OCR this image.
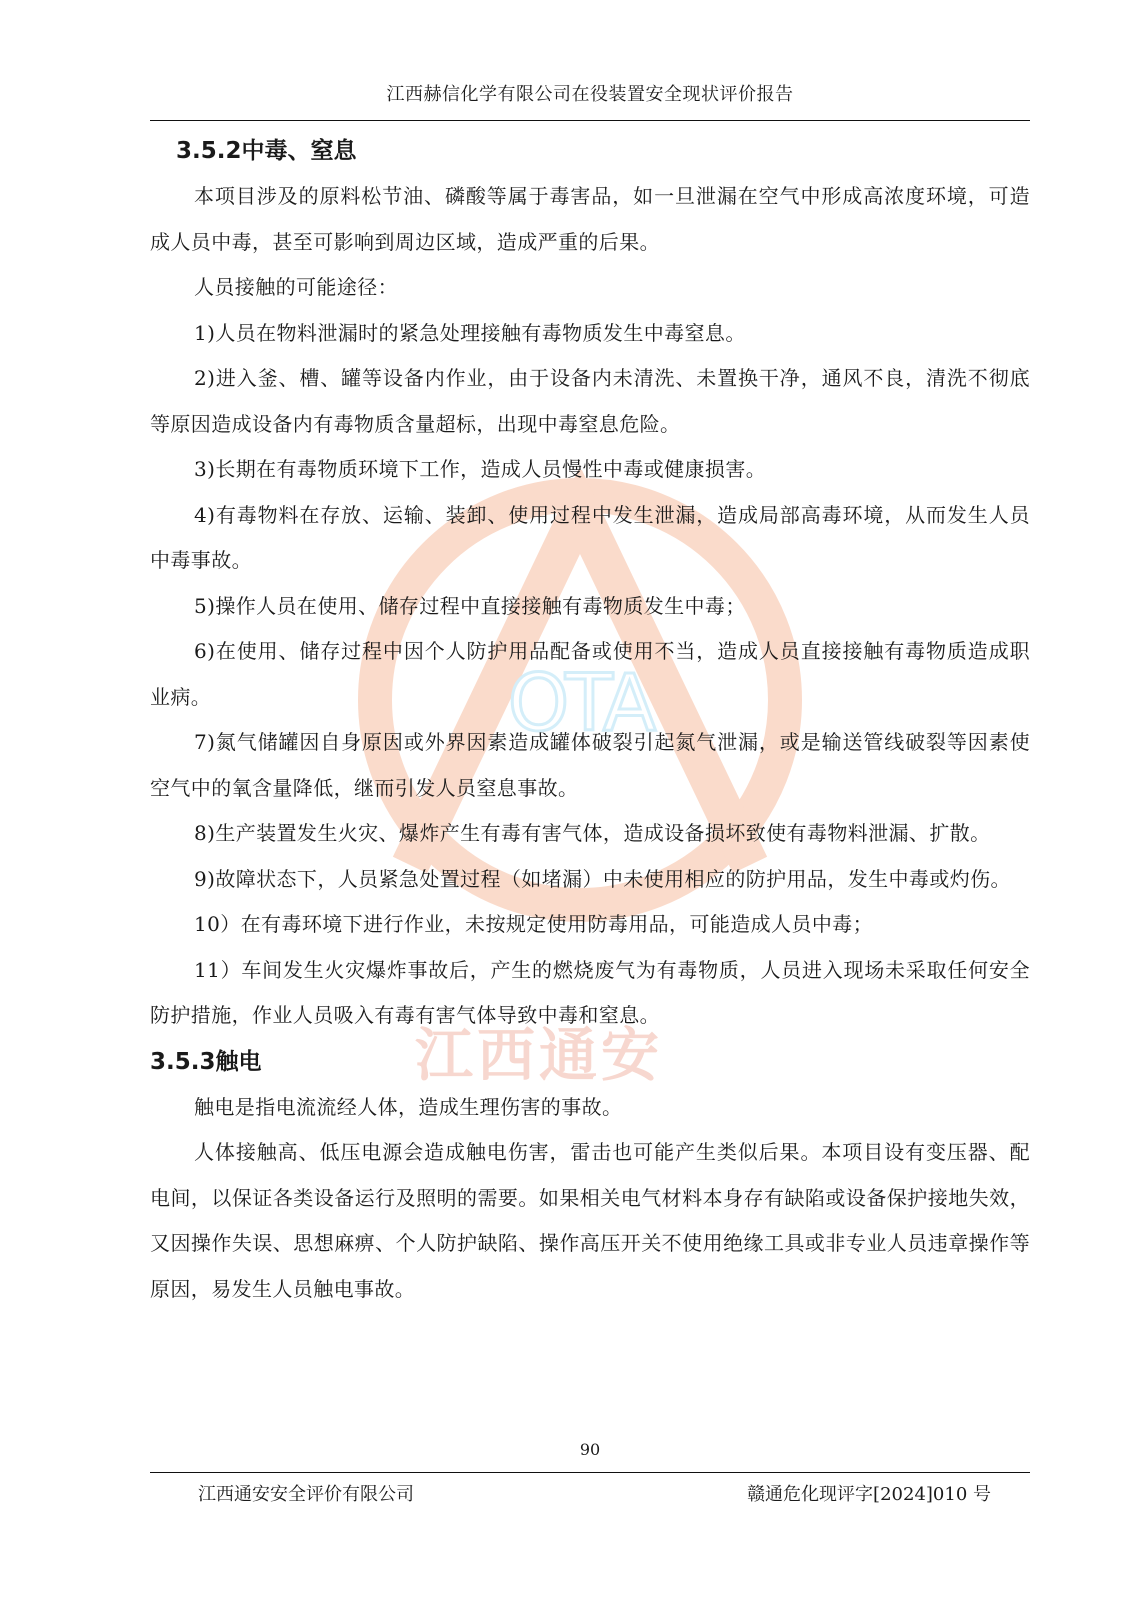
OTA
江西通安
江西赫信化学有限公司在役装置安全现状评价报告
3.5.2中毒、窒息

本项目涉及的原料松节油、磷酸等属于毒害品，如一旦泄漏在空气中形成高浓度环境，可造成人员中毒，甚至可影响到周边区域，造成严重的后果。

人员接触的可能途径：

1)人员在物料泄漏时的紧急处理接触有毒物质发生中毒窒息。

2)进入釜、槽、罐等设备内作业，由于设备内未清洗、未置换干净，通风不良，清洗不彻底等原因造成设备内有毒物质含量超标，出现中毒窒息危险。

3)长期在有毒物质环境下工作，造成人员慢性中毒或健康损害。

4)有毒物料在存放、运输、装卸、使用过程中发生泄漏，造成局部高毒环境，从而发生人员中毒事故。

5)操作人员在使用、储存过程中直接接触有毒物质发生中毒；

6)在使用、储存过程中因个人防护用品配备或使用不当，造成人员直接接触有毒物质造成职业病。

7)氮气储罐因自身原因或外界因素造成罐体破裂引起氮气泄漏，或是输送管线破裂等因素使空气中的氧含量降低，继而引发人员窒息事故。

8)生产装置发生火灾、爆炸产生有毒有害气体，造成设备损坏致使有毒物料泄漏、扩散。

9)故障状态下，人员紧急处置过程（如堵漏）中未使用相应的防护用品，发生中毒或灼伤。

10）在有毒环境下进行作业，未按规定使用防毒用品，可能造成人员中毒；

11）车间发生火灾爆炸事故后，产生的燃烧废气为有毒物质，人员进入现场未采取任何安全防护措施，作业人员吸入有毒有害气体导致中毒和窒息。

3.5.3触电

触电是指电流流经人体，造成生理伤害的事故。

人体接触高、低压电源会造成触电伤害，雷击也可能产生类似后果。本项目设有变压器、配电间，以保证各类设备运行及照明的需要。如果相关电气材料本身存有缺陷或设备保护接地失效，又因操作失误、思想麻痹、个人防护缺陷、操作高压开关不使用绝缘工具或非专业人员违章操作等原因，易发生人员触电事故。

90
江西通安安全评价有限公司	赣通危化现评字[2024]010 号
